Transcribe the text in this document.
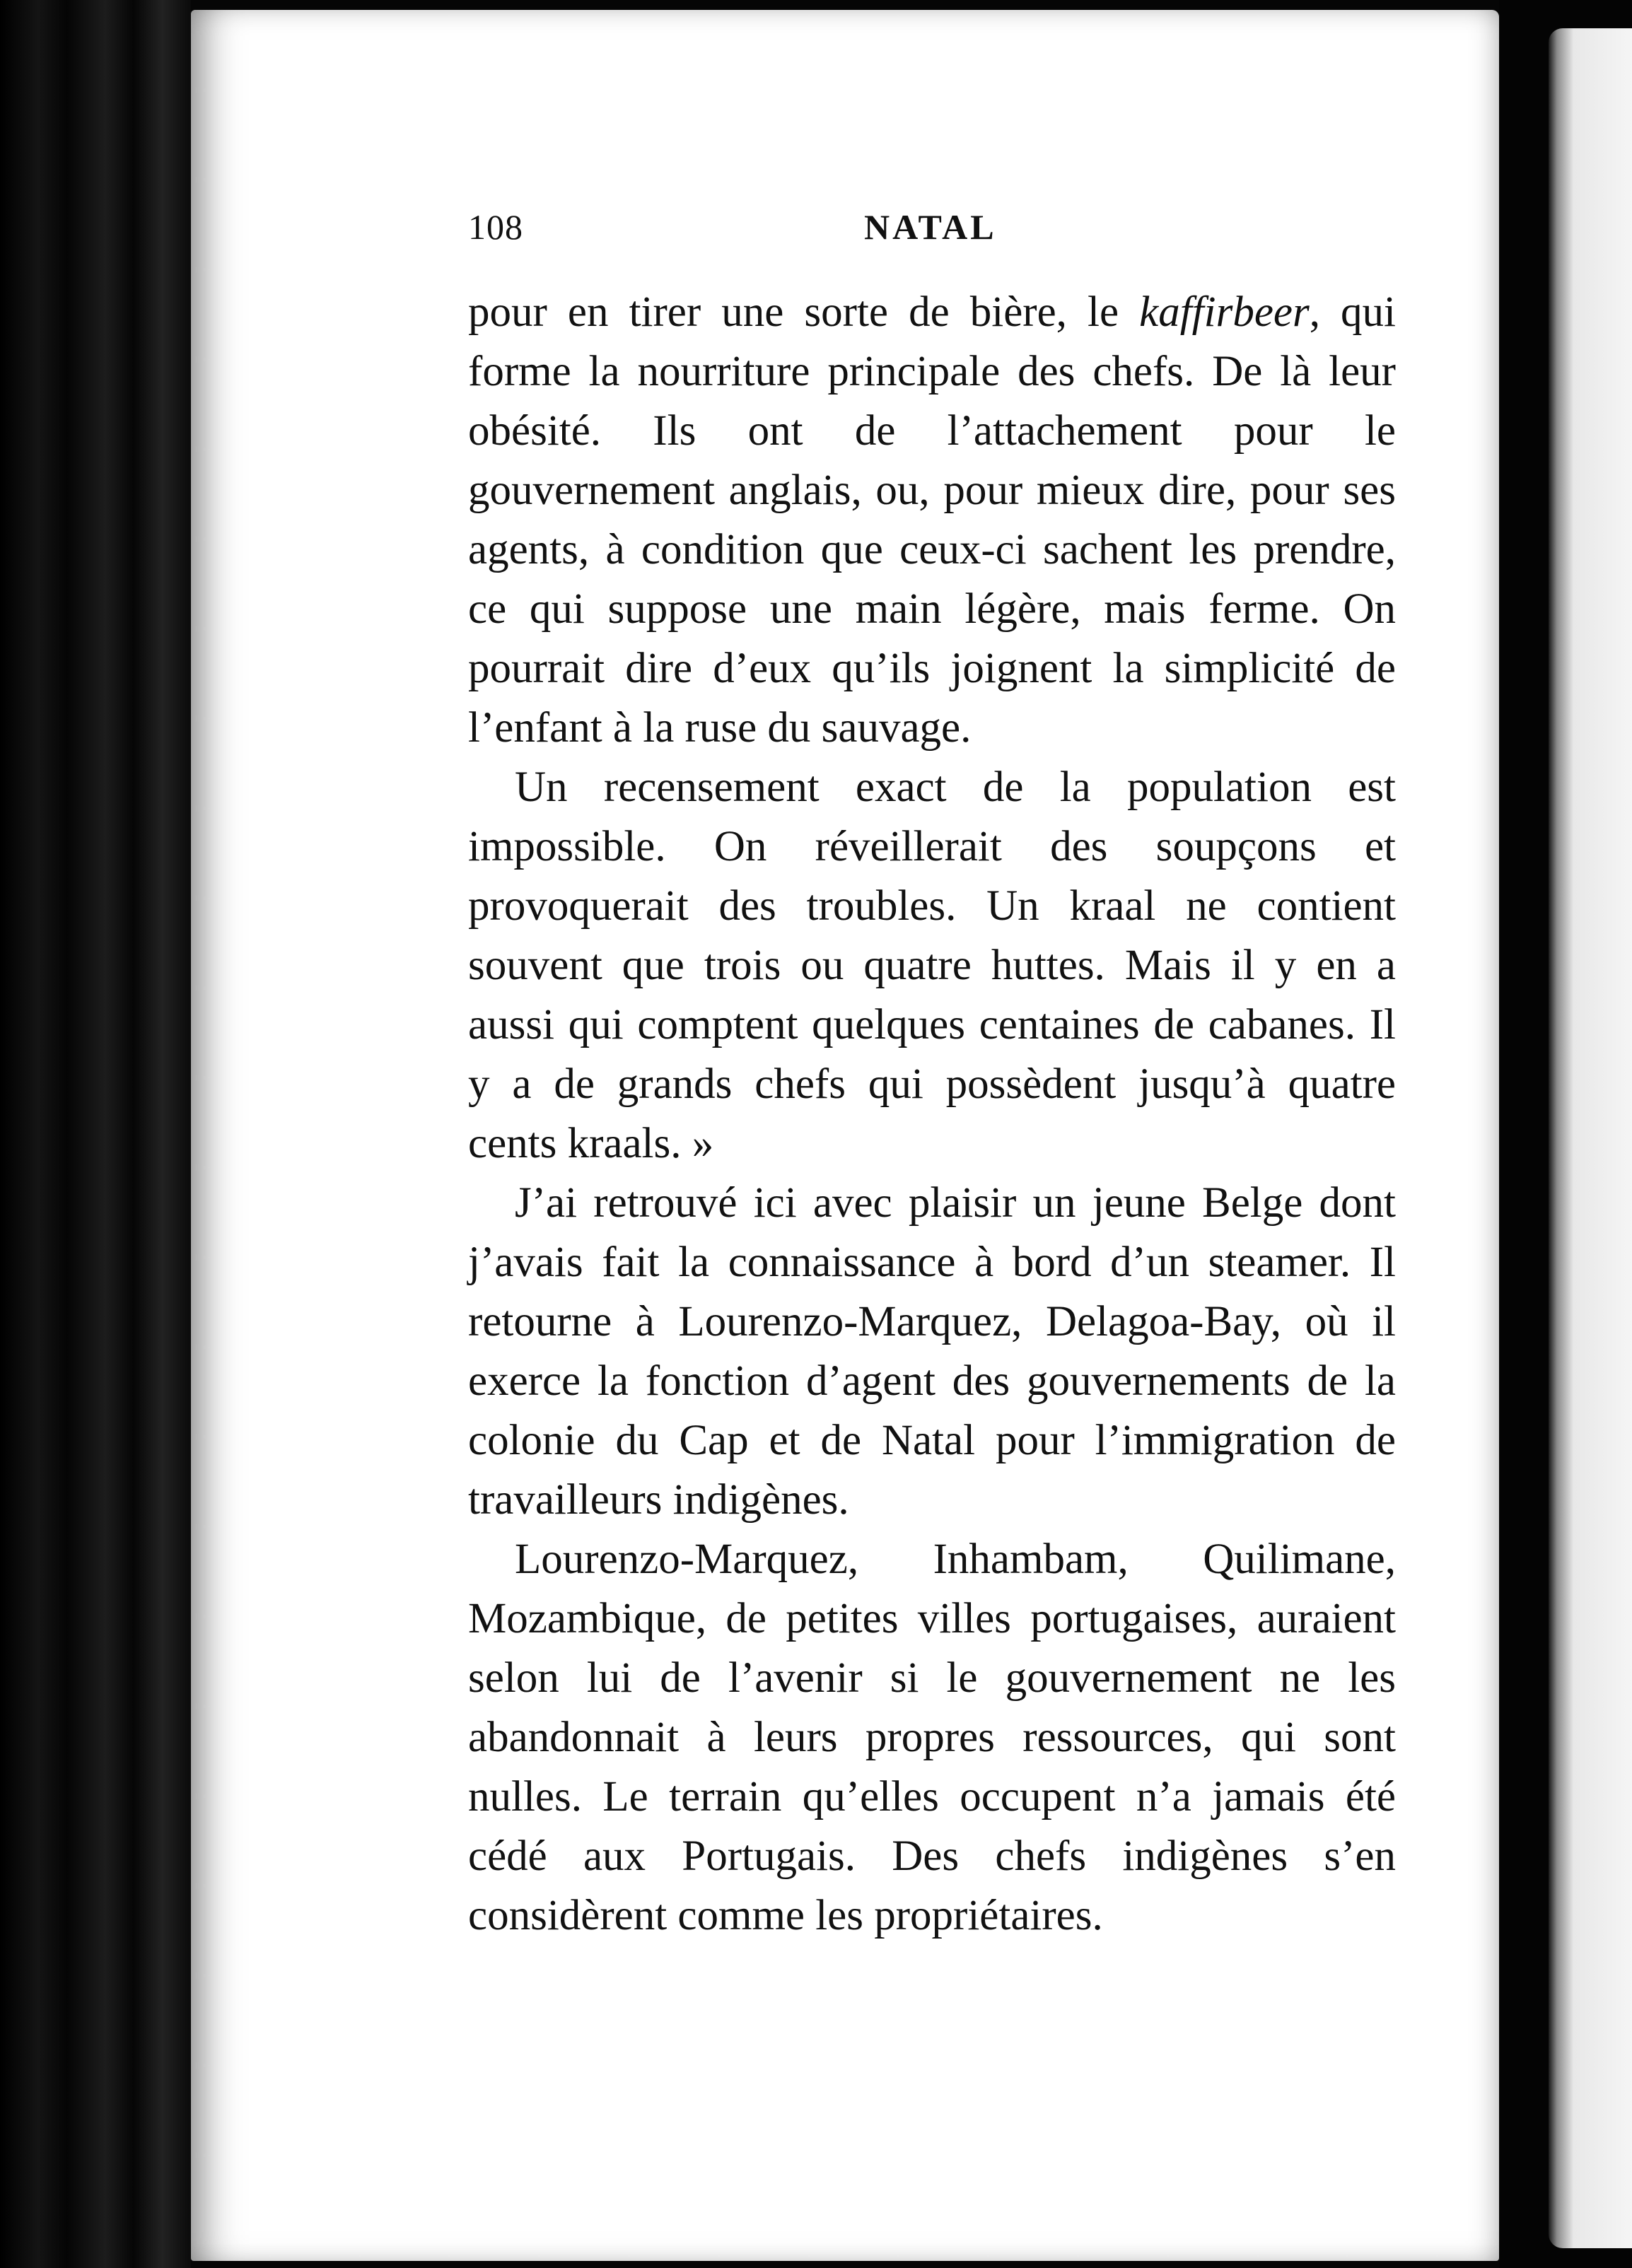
108	NATAL

pour en tirer une sorte de bière, le kaffirbeer, qui forme la nourriture principale des chefs. De là leur obésité. Ils ont de l’attachement pour le gouvernement anglais, ou, pour mieux dire, pour ses agents, à condition que ceux-ci sachent les prendre, ce qui suppose une main légère, mais ferme. On pourrait dire d’eux qu’ils joignent la simplicité de l’enfant à la ruse du sauvage.

Un recensement exact de la population est impossible. On réveillerait des soupçons et provoquerait des troubles. Un kraal ne contient souvent que trois ou quatre huttes. Mais il y en a aussi qui comptent quelques centaines de cabanes. Il y a de grands chefs qui possèdent jusqu’à quatre cents kraals. »

J’ai retrouvé ici avec plaisir un jeune Belge dont j’avais fait la connaissance à bord d’un steamer. Il retourne à Lourenzo-Marquez, Delagoa-Bay, où il exerce la fonction d’agent des gouvernements de la colonie du Cap et de Natal pour l’immigration de travailleurs indigènes.

Lourenzo-Marquez, Inhambam, Quilimane, Mozambique, de petites villes portugaises, auraient selon lui de l’avenir si le gouvernement ne les abandonnait à leurs propres ressources, qui sont nulles. Le terrain qu’elles occupent n’a jamais été cédé aux Portugais. Des chefs indigènes s’en considèrent comme les propriétaires.
